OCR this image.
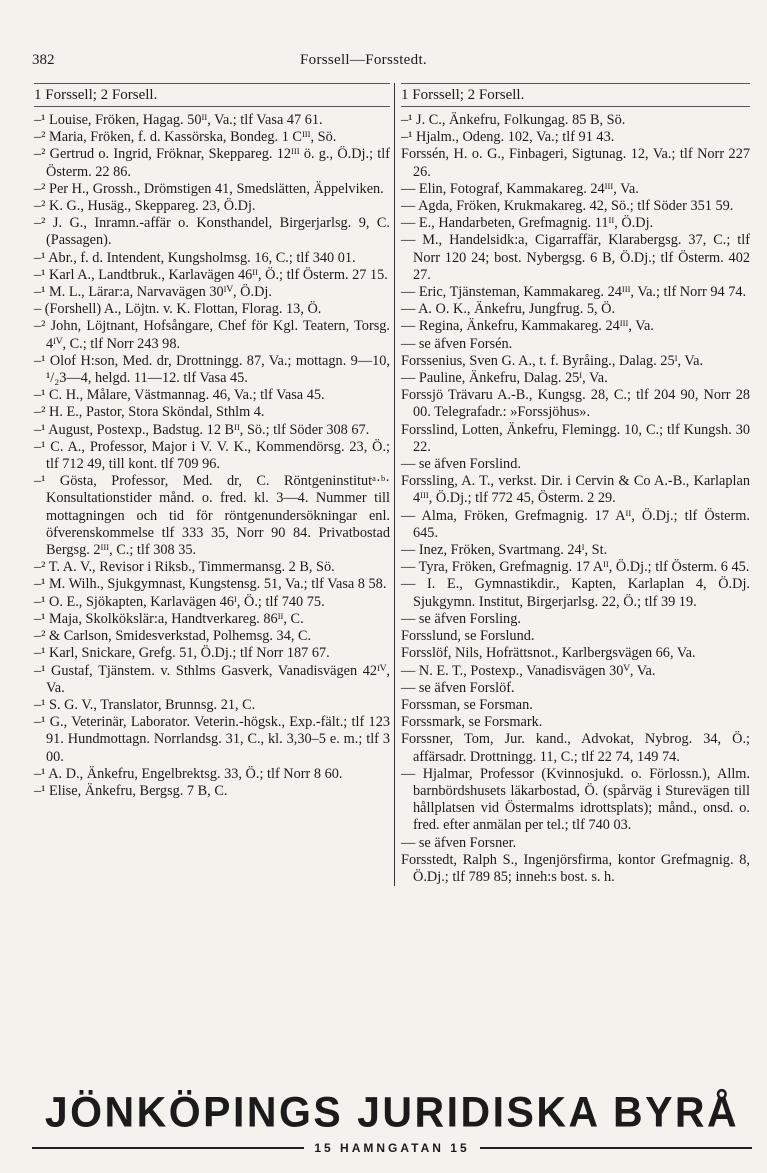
382	Forssell—Forsstedt.
1 Forssell; 2 Forsell.
–¹ Louise, Fröken, Hagag. 50ᴵᴵ, Va.; tlf Vasa 47 61.
–² Maria, Fröken, f. d. Kassörska, Bondeg. 1 Cᴵᴵᴵ, Sö.
–² Gertrud o. Ingrid, Fröknar, Skeppareg. 12ᴵᴵᴵ ö. g., Ö.Dj.; tlf Österm. 22 86.
–² Per H., Grossh., Drömstigen 41, Smedslätten, Äppelviken.
–² K. G., Husäg., Skeppareg. 23, Ö.Dj.
–² J. G., Inramn.-affär o. Konsthandel, Birgerjarlsg. 9, C. (Passagen).
–¹ Abr., f. d. Intendent, Kungsholmsg. 16, C.; tlf 340 01.
–¹ Karl A., Landtbruk., Karlavägen 46ᴵᴵ, Ö.; tlf Österm. 27 15.
–¹ M. L., Lärar:a, Narvavägen 30ᴵⱽ, Ö.Dj.
– (Forshell) A., Löjtn. v. K. Flottan, Florag. 13, Ö.
–² John, Löjtnant, Hofsångare, Chef för Kgl. Teatern, Torsg. 4ᴵⱽ, C.; tlf Norr 243 98.
–¹ Olof H:son, Med. dr, Drottningg. 87, Va.; mottagn. 9—10, ¹/₂3—4, helgd. 11—12. tlf Vasa 45.
–¹ C. H., Målare, Västmannag. 46, Va.; tlf Vasa 45.
–² H. E., Pastor, Stora Sköndal, Sthlm 4.
–¹ August, Postexp., Badstug. 12 Bᴵᴵ, Sö.; tlf Söder 308 67.
–¹ C. A., Professor, Major i V. V. K., Kommendörsg. 23, Ö.; tlf 712 49, till kont. tlf 709 96.
–¹ Gösta, Professor, Med. dr, C. Röntgeninstitutᵃ·ᵇ· Konsultationstider månd. o. fred. kl. 3—4. Nummer till mottagningen och tid för röntgenundersökningar enl. öfverenskommelse tlf 333 35, Norr 90 84. Privatbostad Bergsg. 2ᴵᴵᴵ, C.; tlf 308 35.
–² T. A. V., Revisor i Riksb., Timmermansg. 2 B, Sö.
–¹ M. Wilh., Sjukgymnast, Kungstensg. 51, Va.; tlf Vasa 8 58.
–¹ O. E., Sjökapten, Karlavägen 46ᴵ, Ö.; tlf 740 75.
–¹ Maja, Skolkökslär:a, Handtverkareg. 86ᴵᴵ, C.
–² & Carlson, Smidesverkstad, Polhemsg. 34, C.
–¹ Karl, Snickare, Grefg. 51, Ö.Dj.; tlf Norr 187 67.
–¹ Gustaf, Tjänstem. v. Sthlms Gasverk, Vanadisvägen 42ᴵⱽ, Va.
–¹ S. G. V., Translator, Brunnsg. 21, C.
–¹ G., Veterinär, Laborator. Veterin.-högsk., Exp.-fält.; tlf 123 91. Hundmottagn. Norrlandsg. 31, C., kl. 3,30–5 e. m.; tlf 3 00.
–¹ A. D., Änkefru, Engelbrektsg. 33, Ö.; tlf Norr 8 60.
–¹ Elise, Änkefru, Bergsg. 7 B, C.
1 Forssell; 2 Forsell.
–¹ J. C., Änkefru, Folkungag. 85 B, Sö.
–¹ Hjalm., Odeng. 102, Va.; tlf 91 43.
Forssén, H. o. G., Finbageri, Sigtunag. 12, Va.; tlf Norr 227 26.
— Elin, Fotograf, Kammakareg. 24ᴵᴵᴵ, Va.
— Agda, Fröken, Krukmakareg. 42, Sö.; tlf Söder 351 59.
— E., Handarbeten, Grefmagnig. 11ᴵᴵ, Ö.Dj.
— M., Handelsidk:a, Cigarraffär, Klarabergsg. 37, C.; tlf Norr 120 24; bost. Nybergsg. 6 B, Ö.Dj.; tlf Österm. 402 27.
— Eric, Tjänsteman, Kammakareg. 24ᴵᴵᴵ, Va.; tlf Norr 94 74.
— A. O. K., Änkefru, Jungfrug. 5, Ö.
— Regina, Änkefru, Kammakareg. 24ᴵᴵᴵ, Va.
— se äfven Forsén.
Forssenius, Sven G. A., t. f. Byråing., Dalag. 25ᴵ, Va.
— Pauline, Änkefru, Dalag. 25ᴵ, Va.
Forssjö Trävaru A.-B., Kungsg. 28, C.; tlf 204 90, Norr 28 00. Telegrafadr.: »Forssjöhus».
Forsslind, Lotten, Änkefru, Flemingg. 10, C.; tlf Kungsh. 30 22.
— se äfven Forslind.
Forssling, A. T., verkst. Dir. i Cervin & Co A.-B., Karlaplan 4ᴵᴵᴵ, Ö.Dj.; tlf 772 45, Österm. 2 29.
— Alma, Fröken, Grefmagnig. 17 Aᴵᴵ, Ö.Dj.; tlf Österm. 645.
— Inez, Fröken, Svartmang. 24ᴵ, St.
— Tyra, Fröken, Grefmagnig. 17 Aᴵᴵ, Ö.Dj.; tlf Österm. 6 45.
— I. E., Gymnastikdir., Kapten, Karlaplan 4, Ö.Dj. Sjukgymn. Institut, Birgerjarlsg. 22, Ö.; tlf 39 19.
— se äfven Forsling.
Forsslund, se Forslund.
Forsslöf, Nils, Hofrättsnot., Karlbergsvägen 66, Va.
— N. E. T., Postexp., Vanadisvägen 30ⱽ, Va.
— se äfven Forslöf.
Forssman, se Forsman.
Forssmark, se Forsmark.
Forssner, Tom, Jur. kand., Advokat, Nybrog. 34, Ö.; affärsadr. Drottningg. 11, C.; tlf 22 74, 149 74.
— Hjalmar, Professor (Kvinnosjukd. o. Förlossn.), Allm. barnbördshusets läkarbostad, Ö. (spårväg i Sturevägen till hållplatsen vid Östermalms idrottsplats); månd., onsd. o. fred. efter anmälan per tel.; tlf 740 03.
— se äfven Forsner.
Forsstedt, Ralph S., Ingenjörsfirma, kontor Grefmagnig. 8, Ö.Dj.; tlf 789 85; inneh:s bost. s. h.
JÖNKÖPINGS JURIDISKA BYRÅ
15 HAMNGATAN 15
